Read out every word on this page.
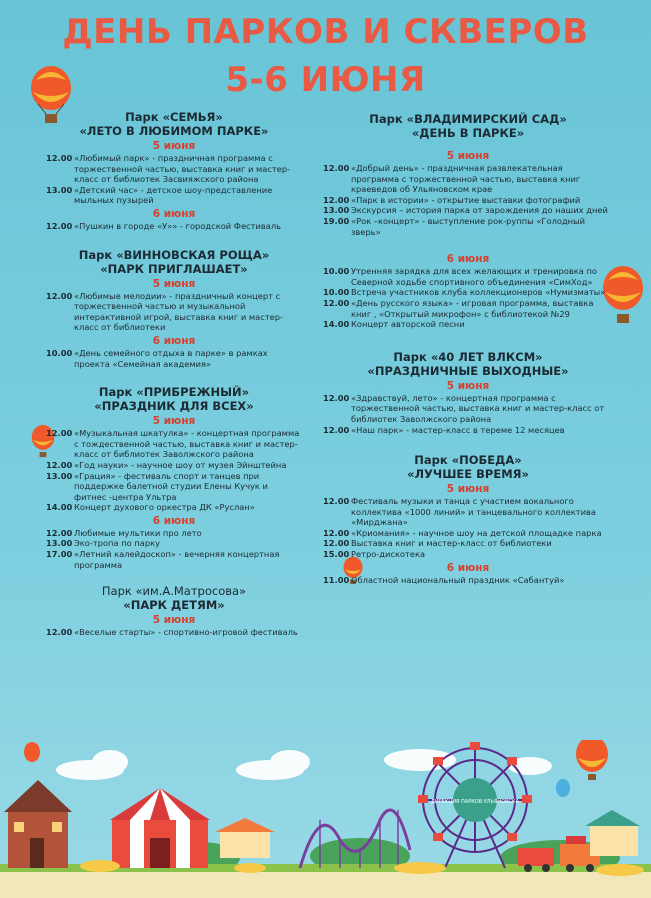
ДЕНЬ ПАРКОВ И СКВЕРОВ
5-6 ИЮНЯ
Парк «СЕМЬЯ»
«ЛЕТО В ЛЮБИМОМ ПАРКЕ»
5 июня
12.00 «Любимый парк» - праздничная программа с торжественной частью, выставка книг и мастер-класс от библиотек Засвияжского района
13.00 «Детский час» - детское шоу-представление мыльных пузырей
6 июня
12.00 «Пушкин в городе «У»» - городской Фестиваль
Парк «ВИННОВСКАЯ РОЩА»
«ПАРК ПРИГЛАШАЕТ»
5 июня
12.00 «Любимые мелодии» - праздничный концерт с торжественной частью и музыкальной интерактивной игрой, выставка книг и мастер-класс от библиотеки
6 июня
10.00 «День семейного отдыха в парке» в рамках проекта «Семейная академия»
Парк «ПРИБРЕЖНЫЙ»
«ПРАЗДНИК ДЛЯ ВСЕХ»
5 июня
12.00 «Музыкальная шкатулка» - концертная программа с тождественной частью, выставка книг и мастер-класс от библиотек Заволжского района
12.00 «Год науки» - научное шоу от музея Эйнштейна
13.00 «Грация» - фестиваль спорт и танцев при поддержке балетной студии Елены Кучук и фитнес -центра Ультра
14.00 Концерт духового оркестра ДК «Руслан»
6 июня
12.00 Любимые мультики про лето
13.00 Эко-тропа по парку
17.00 «Летний калейдоскоп» - вечерняя концертная программа
Парк «им.А.Матросова»
«ПАРК ДЕТЯМ»
5 июня
12.00 «Веселые старты» - спортивно-игровой фестиваль
Парк «ВЛАДИМИРСКИЙ САД»
«ДЕНЬ В ПАРКЕ»
5 июня
12.00 «Добрый день» - праздничная развлекательная программа с торжественной частью, выставка книг краеведов об Ульяновском крае
12.00 «Парк в истории» - открытие выставки фотографий
13.00 Экскурсия – история парка от зарождения до наших дней
19.00 «Рок –концерт» - выступление рок-руппы «Голодный зверь»
6 июня
10.00 Утренняя зарядка для всех желающих и тренировка по Северной ходьбе спортивного объединения «СимХод»
10.00 Встреча участников клуба коллекционеров «Нумизматы»
12.00 «День русского языка» - игровая программа, выставка книг , «Открытый микрофон» с библиотекой №29
14.00 Концерт авторской песни
Парк «40 ЛЕТ ВЛКСМ»
«ПРАЗДНИЧНЫЕ ВЫХОДНЫЕ»
5 июня
12.00 «Здравствуй, лето» - концертная программа с торжественной частью, выставка книг и мастер-класс от библиотек Заволжского района
12.00 «Наш парк» - мастер-класс в тереме 12 месяцев
Парк «ПОБЕДА»
«ЛУЧШЕЕ ВРЕМЯ»
5 июня
12.00 Фестиваль музыки и танца с участием вокального коллектива «1000 линий» и танцевального коллектива «Мирджана»
12.00 «Криомания» - научное шоу на детской площадке парка
12.00 Выставка книг и мастер-класс от библиотеки
15.00 Ретро-дискотека
6 июня
11.00 Областной национальный праздник «Сабантуй»
ДИРЕКЦИЯ ПАРКОВ УЛЬЯНОВСКА
